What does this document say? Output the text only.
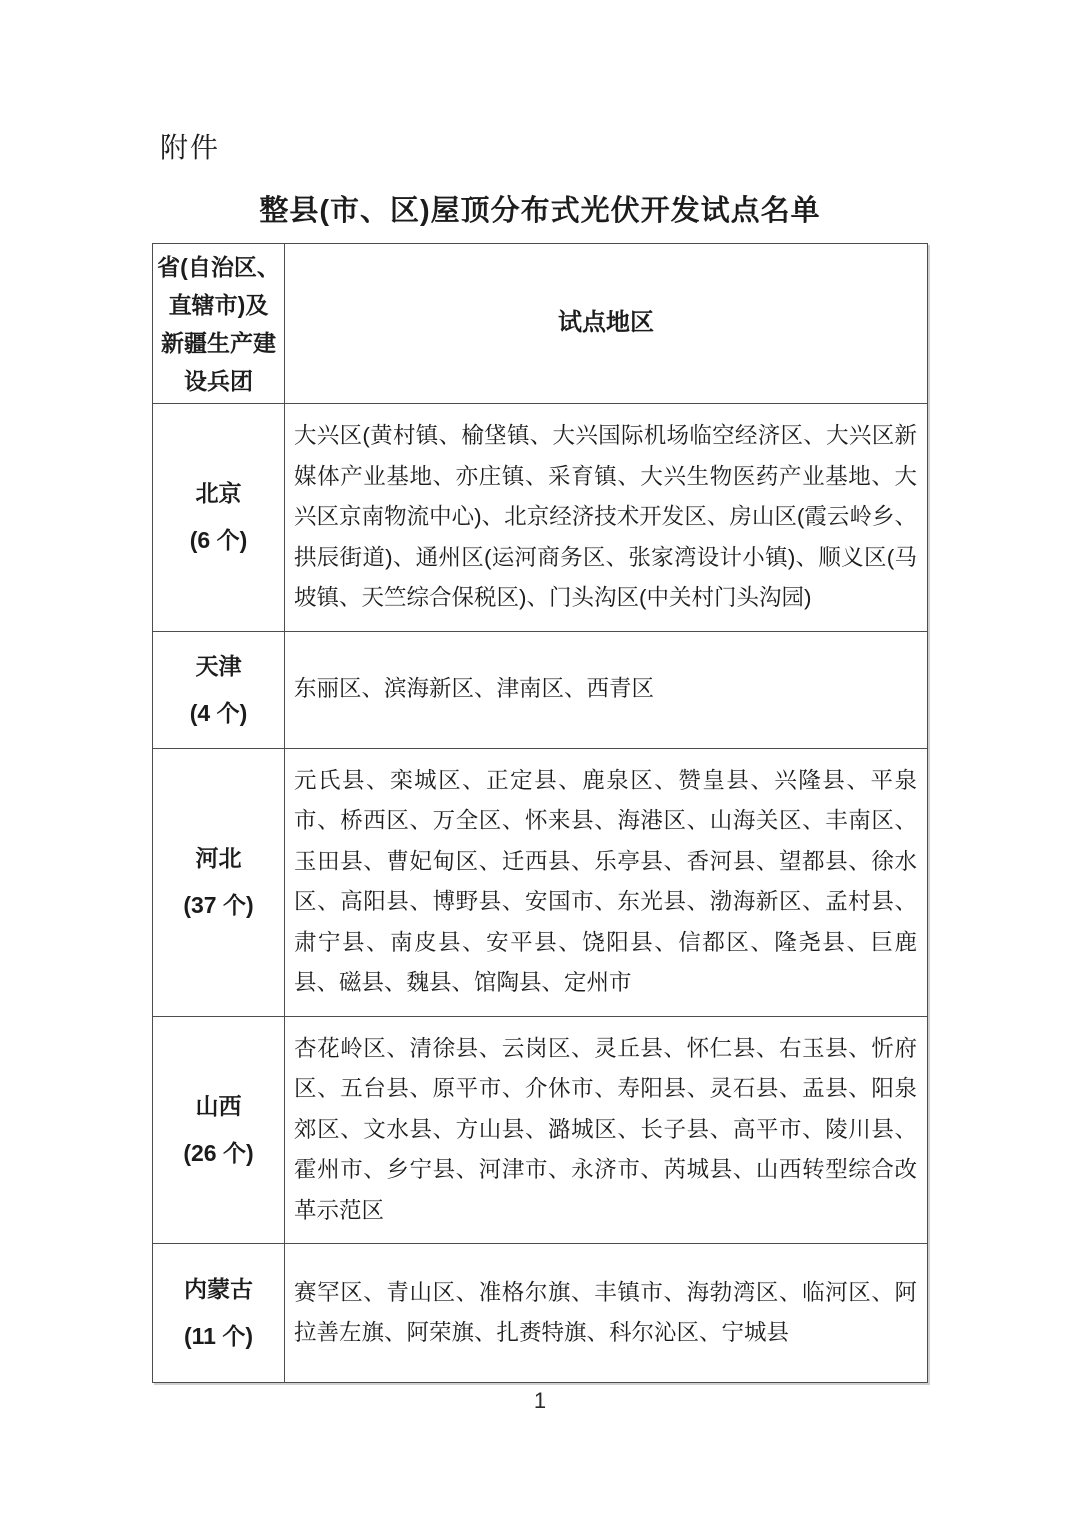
附件
整县(市、区)屋顶分布式光伏开发试点名单
省(自治区、
直辖市)及
新疆生产建
设兵团
试点地区
北京
(6 个)
大兴区(黄村镇、榆垡镇、大兴国际机场临空经济区、大兴区新媒体产业基地、亦庄镇、采育镇、大兴生物医药产业基地、大兴区京南物流中心)、北京经济技术开发区、房山区(霞云岭乡、拱辰街道)、通州区(运河商务区、张家湾设计小镇)、顺义区(马坡镇、天竺综合保税区)、门头沟区(中关村门头沟园)
天津
(4 个)
东丽区、滨海新区、津南区、西青区
河北
(37 个)
元氏县、栾城区、正定县、鹿泉区、赞皇县、兴隆县、平泉市、桥西区、万全区、怀来县、海港区、山海关区、丰南区、玉田县、曹妃甸区、迁西县、乐亭县、香河县、望都县、徐水区、高阳县、博野县、安国市、东光县、渤海新区、孟村县、肃宁县、南皮县、安平县、饶阳县、信都区、隆尧县、巨鹿县、磁县、魏县、馆陶县、定州市
山西
(26 个)
杏花岭区、清徐县、云岗区、灵丘县、怀仁县、右玉县、忻府区、五台县、原平市、介休市、寿阳县、灵石县、盂县、阳泉郊区、文水县、方山县、潞城区、长子县、高平市、陵川县、霍州市、乡宁县、河津市、永济市、芮城县、山西转型综合改革示范区
内蒙古
(11 个)
赛罕区、青山区、准格尔旗、丰镇市、海勃湾区、临河区、阿拉善左旗、阿荣旗、扎赉特旗、科尔沁区、宁城县
1
